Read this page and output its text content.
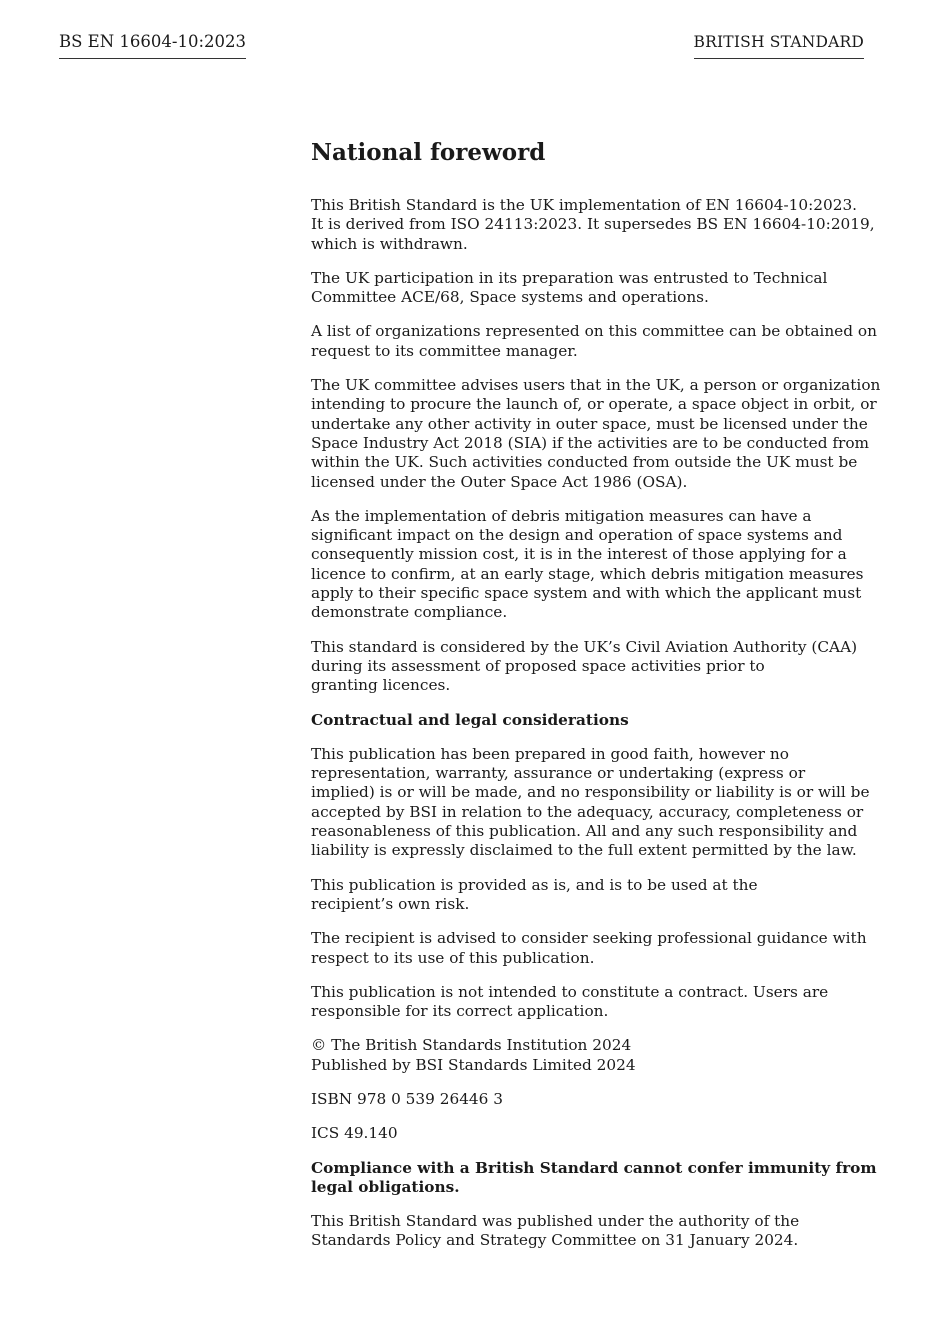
BS EN 16604-10:2023	BRITISH STANDARD
National foreword

This British Standard is the UK implementation of EN 16604-10:2023.
It is derived from ISO 24113:2023. It supersedes BS EN 16604-10:2019,
which is withdrawn.

The UK participation in its preparation was entrusted to Technical
Committee ACE/68, Space systems and operations.

A list of organizations represented on this committee can be obtained on
request to its committee manager.

The UK committee advises users that in the UK, a person or organization
intending to procure the launch of, or operate, a space object in orbit, or
undertake any other activity in outer space, must be licensed under the
Space Industry Act 2018 (SIA) if the activities are to be conducted from
within the UK. Such activities conducted from outside the UK must be
licensed under the Outer Space Act 1986 (OSA).

As the implementation of debris mitigation measures can have a
significant impact on the design and operation of space systems and
consequently mission cost, it is in the interest of those applying for a
licence to confirm, at an early stage, which debris mitigation measures
apply to their specific space system and with which the applicant must
demonstrate compliance.

This standard is considered by the UK’s Civil Aviation Authority (CAA)
during its assessment of proposed space activities prior to
granting licences.

Contractual and legal considerations

This publication has been prepared in good faith, however no
representation, warranty, assurance or undertaking (express or
implied) is or will be made, and no responsibility or liability is or will be
accepted by BSI in relation to the adequacy, accuracy, completeness or
reasonableness of this publication. All and any such responsibility and
liability is expressly disclaimed to the full extent permitted by the law.

This publication is provided as is, and is to be used at the
recipient’s own risk.

The recipient is advised to consider seeking professional guidance with
respect to its use of this publication.

This publication is not intended to constitute a contract. Users are
responsible for its correct application.

© The British Standards Institution 2024
Published by BSI Standards Limited 2024

ISBN 978 0 539 26446 3

ICS 49.140

Compliance with a British Standard cannot confer immunity from
legal obligations.

This British Standard was published under the authority of the
Standards Policy and Strategy Committee on 31 January 2024.
